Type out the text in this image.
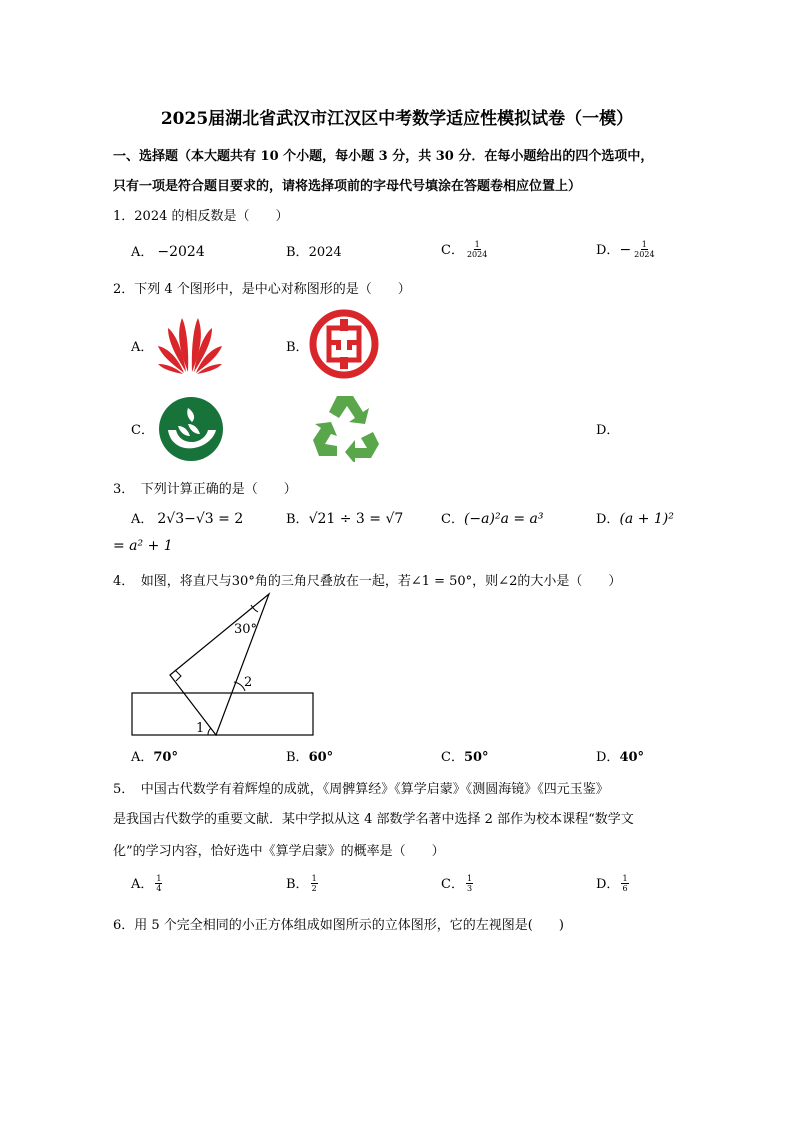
2025届湖北省武汉市江汉区中考数学适应性模拟试卷（一模）
一、选择题（本大题共有 10 个小题，每小题 3 分，共 30 分．在每小题给出的四个选项中，
只有一项是符合题目要求的，请将选择项前的字母代号填涂在答题卷相应位置上）
1．2024 的相反数是（　　）
A． −2024	B．2024	C． $\frac{1}{2024}$	D．− $\frac{1}{2024}$
2．下列 4 个图形中，是中心对称图形的是（　　）
A．	B．
C．	D．
3．　下列计算正确的是（　　）
A． 2√3−√3 = 2	B．√21 ÷ 3 = √7	C．(−a)²a = a³	D．(a + 1)²
= a² + 1
4．　如图，将直尺与30°角的三角尺叠放在一起，若∠1 = 50°，则∠2的大小是（　　）
30°
2
1
A．70°	B．60°	C．50°	D．40°
5．　中国古代数学有着辉煌的成就，《周髀算经》《算学启蒙》《测圆海镜》《四元玉鉴》
是我国古代数学的重要文献．某中学拟从这 4 部数学名著中选择 2 部作为校本课程“数学文
化”的学习内容，恰好选中《算学启蒙》的概率是（　　）
A． $\frac{1}{4}$	B． $\frac{1}{2}$	C． $\frac{1}{3}$	D． $\frac{1}{6}$
6．用 5 个完全相同的小正方体组成如图所示的立体图形，它的左视图是(　　)
